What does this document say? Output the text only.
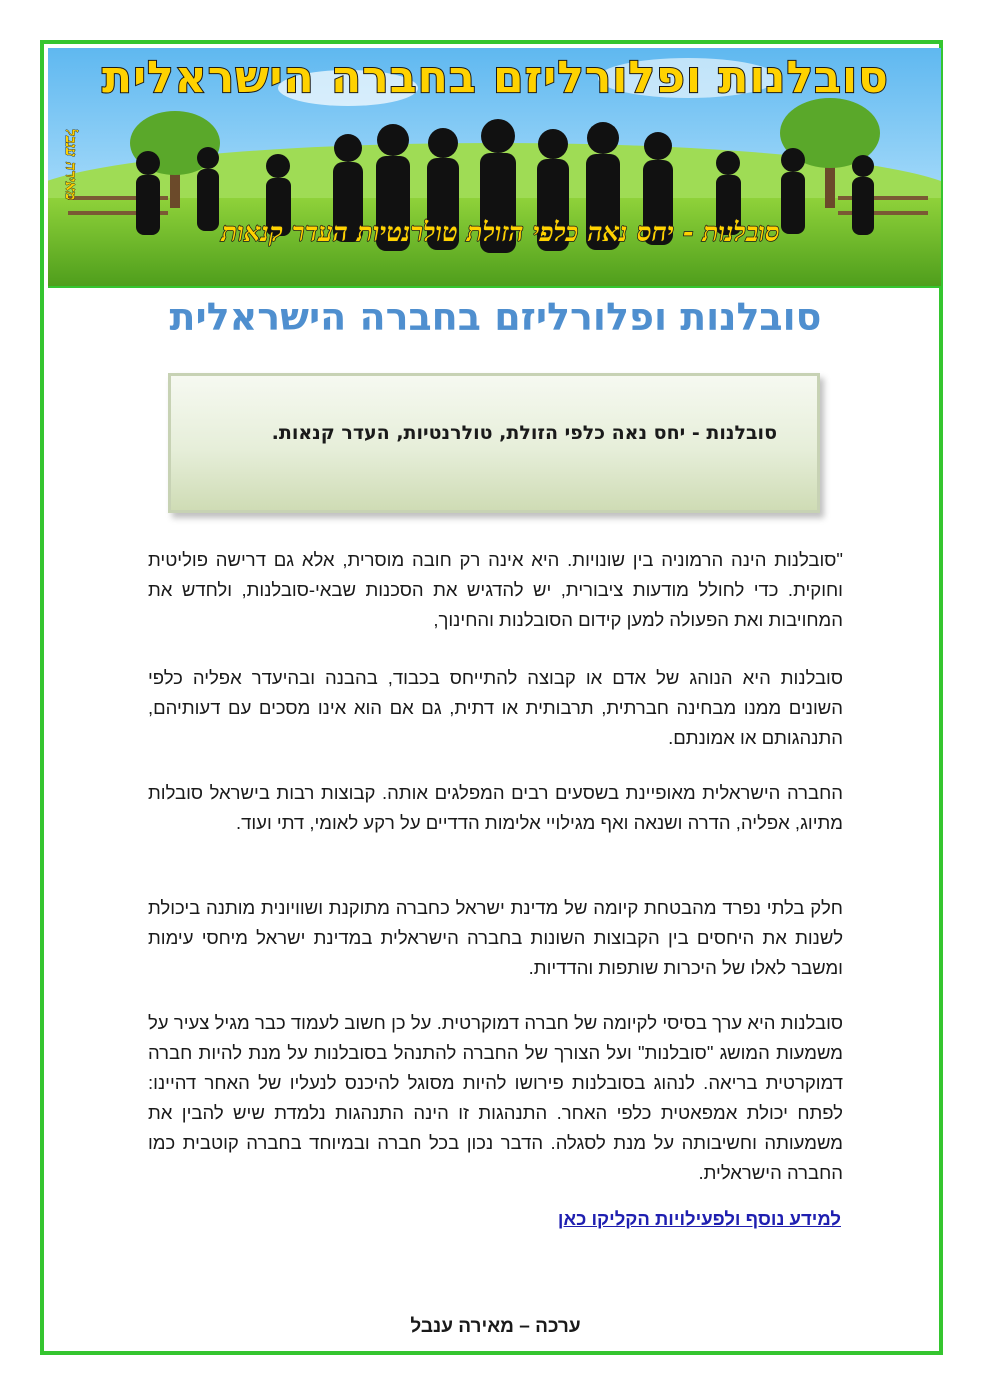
סובלנות ופלורליזם בחברה הישראלית
סובלנות - יחס נאה כלפי הזולת טולרנטיות העדר קנאות
מאירה ענבל
סובלנות ופלורליזם בחברה הישראלית
סובלנות - יחס נאה כלפי הזולת, טולרנטיות, העדר קנאות.

"סובלנות הינה הרמוניה בין שונויות. היא אינה רק חובה מוסרית, אלא גם דרישה פוליטית וחוקית. כדי לחולל מודעות ציבורית, יש להדגיש את הסכנות שבאי-סובלנות, ולחדש את המחויבות ואת הפעולה למען קידום הסובלנות והחינוך,

סובלנות היא הנוהג של אדם או קבוצה להתייחס בכבוד, בהבנה ובהיעדר אפליה כלפי השונים ממנו מבחינה חברתית, תרבותית או דתית, גם אם הוא אינו מסכים עם דעותיהם, התנהגותם או אמונתם.

החברה הישראלית מאופיינת בשסעים רבים המפלגים אותה. קבוצות רבות בישראל סובלות מתיוג, אפליה, הדרה ושנאה ואף מגילויי אלימות הדדיים על רקע לאומי, דתי ועוד.

חלק בלתי נפרד מהבטחת קיומה של מדינת ישראל כחברה מתוקנת ושוויונית מותנה ביכולת לשנות את היחסים בין הקבוצות השונות בחברה הישראלית במדינת ישראל מיחסי עימות ומשבר לאלו של היכרות שותפות והדדיות.

סובלנות היא ערך בסיסי לקיומה של חברה דמוקרטית. על כן חשוב לעמוד כבר מגיל צעיר על משמעות המושג "סובלנות" ועל הצורך של החברה להתנהל בסובלנות על מנת להיות חברה דמוקרטית בריאה. לנהוג בסובלנות פירושו להיות מסוגל להיכנס לנעליו של האחר דהיינו: לפתח יכולת אמפאטית כלפי האחר. התנהגות זו הינה התנהגות נלמדת שיש להבין את משמעותה וחשיבותה על מנת לסגלה. הדבר נכון בכל חברה ובמיוחד בחברה קוטבית כמו החברה הישראלית.

למידע נוסף ולפעילויות הקליקו כאן
ערכה – מאירה ענבל
